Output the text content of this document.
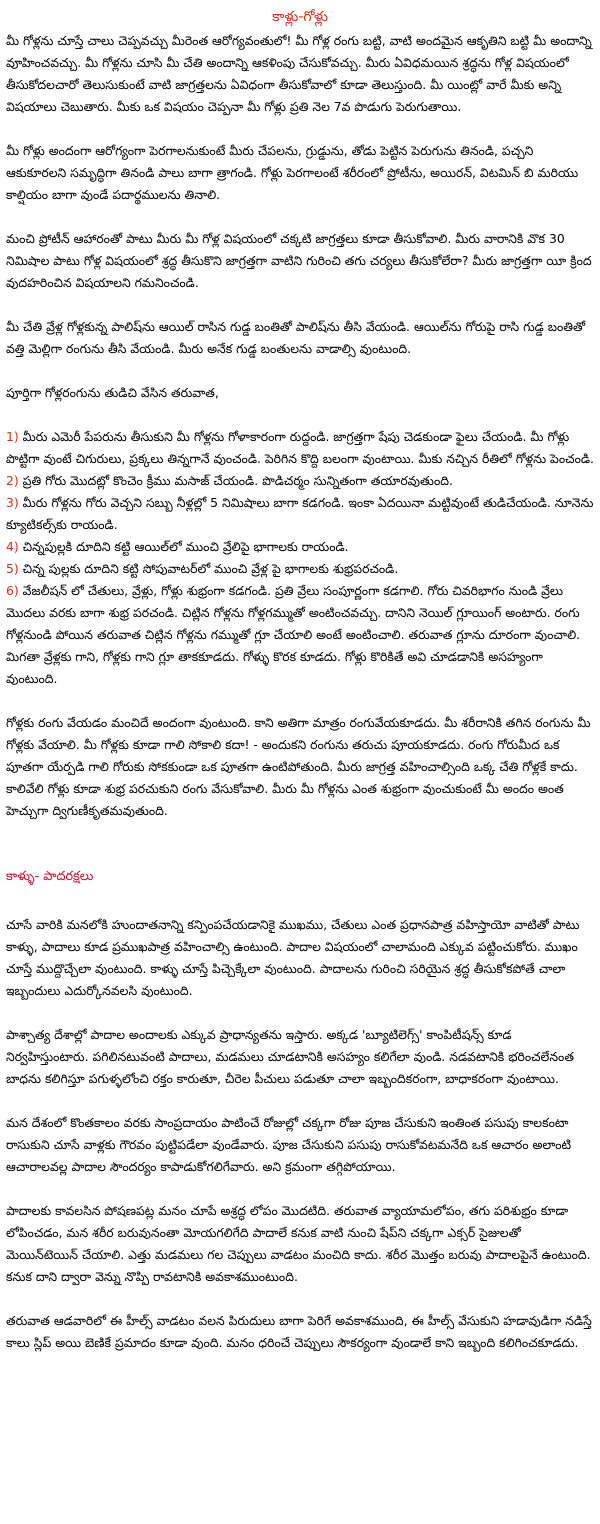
కాళ్లు-గోళ్లు

మీ గోళ్లను చూస్తే చాలు చెప్పవచ్చు మీరెంత ఆరోగ్యవంతులో! మీ గోళ్ల రంగు బట్టి, వాటి అందమైన ఆకృతిని బట్టి మీ అందాన్ని వూహించవచ్చు. మీ గోళ్లను చూసి మీ చేతి అందాన్ని ఆకళింపు చేసుకోవచ్చు. మీరు ఏవిధమయిన శ్రద్ధను గోళ్ల విషయంలో తీసుకోదలచారో తెలుసుకుంటే వాటి జాగ్రత్తలను ఏవిధంగా తీసుకోవాలో కూడా తెలుస్తుంది. మీ యింట్లో వారే మీకు అన్ని విషయాలు చెబుతారు. మీకు ఒక విషయం చెప్పనా మీ గోళ్లు ప్రతి నెల 7వ పొడుగు పెరుగుతాయి.

మీ గోళ్లు అందంగా ఆరోగ్యంగా పెరగాలనుకుంటే మీరు చేపలను, గ్రుడ్డును, తోడు పెట్టిన పెరుగును తినండి, పచ్చని ఆకుకూరలని సమృద్ధిగా తినండి పాలు బాగా త్రాగండి. గోళ్లు పెరగాలంటే శరీరంలో ప్రోటీను, అయిరన్, విటమిన్ బి మరియు కాల్షియం బాగా వుండే పదార్థములను తినాలి.

మంచి ప్రోటీన్ ఆహారంతో పాటు మీరు మీ గోళ్ల విషయంలో చక్కటి జాగ్రత్తలు కూడా తీసుకోవాలి. మీరు వారానికి వొక 30 నిమిషాల పాటు గోళ్ల విషయంలో శ్రద్ధ తీసుకొని జాగ్రత్తగా వాటిని గురించి తగు చర్యలు తీసుకోలేరా? మీరు జాగ్రత్తగా యీ క్రింద వుదహరించిన విషయాలని గమనించండి.

మీ చేతి వ్రేళ్ల గోళ్లకున్న పాలిష్‌ను ఆయిల్ రాసిన గుడ్డ బంతితో పాలిష్‌ను తీసి వేయండి. ఆయిల్‌ను గోరుపై రాసి గుడ్డ బంతితో వత్తి మెల్లిగా రంగును తీసి వేయండి. మీరు అనేక గుడ్డ బంతులను వాడాల్సి వుంటుంది.

పూర్తిగా గోళ్లరంగును తుడిచి వేసిన తరువాత,

1) మీరు ఎమెరీ పేపరును తీసుకుని మీ గోళ్లను గోళాకారంగా రుద్దండి. జాగ్రత్తగా షేపు చెడకుండా ఫైలు చేయండి. మీ గోళ్లు పొట్టిగా వుంటే చిగురులు, ప్రక్కలు తిన్నగానే వుంచండి. పెరిగిన కొద్ది బలంగా వుంటాయి. మీకు నచ్చిన రీతిలో గోళ్లను పెంచండి.
2) ప్రతి గోరు మొదట్లో కొంచెం క్రీము మసాజ్ చేయండి. పొడిచర్మం సున్నితంగా తయారవుతుంది.
3) మీరు గోళ్లను గోరు వెచ్చని సబ్బు నీళ్లల్లో 5 నిమిషాలు బాగా కడగండి. ఇంకా ఏదయినా మట్టివుంటే తుడిచేయండి. నూనెను క్యూటికల్స్‌కు రాయండి.
4) చిన్నపుల్లకి దూదిని కట్టి ఆయిల్‌లో ముంచి వ్రేలిపై భాగాలకు రాయండి.
5) చిన్న పుల్లకు దూదిని కట్టి సోపువాటర్‌లో ముంచి వ్రేళ్ల పై భాగాలకు శుభ్రపరచండి.
6) వేజలీషన్ లో చేతులు, వ్రేళ్లు, గోళ్లు శుభ్రంగా కడగండి. ప్రతి వ్రేలు సంపూర్ణంగా కడగాలి. గోరు చివరిభాగం నుండి వ్రేలు మొదలు వరకు బాగా శుభ్ర పరచండి. చిట్లిన గోళ్లను గోళ్లగమ్ముతో అంటించవచ్చు. దానిని నెయిల్ గ్లూయింగ్ అంటారు. రంగు గోళ్లనుండి పోయిన తరువాత చిట్లిన గోళ్లను గమ్ముతో గ్లూ చేయాలి అంటే అంటించాలి. తరువాత గ్లూను దూరంగా వుంచాలి. మిగతా వ్రేళ్లకు గాని, గోళ్లకు గాని గ్లూ తాకకూడదు. గోళ్ళు కొరక కూడదు. గోళ్లు కొరికితే అవి చూడడానికి అసహ్యంగా వుంటుంది.

గోళ్లకు రంగు వేయడం మంచిదే అందంగా వుంటుంది. కాని అతిగా మాత్రం రంగువేయకూడదు. మీ శరీరానికి తగిన రంగును మీ గోళ్లకు వేయాలి. మీ గోళ్లకు కూడా గాలి సోకాలి కదా! - అందుకని రంగును తరుచు పూయకూడదు. రంగు గోరుమీద ఒక పూతగా యేర్పడి గాలి గోరుకు సోకకుండా ఒక పూతగా ఉంటిపోతుంది. మీరు జాగ్రత్త వహించాల్సింది ఒక్క చేతి గోళ్లకే కాదు. కాలివేలి గోళ్లు కూడా శుభ్ర పరచుకుని రంగు వేసుకోవాలి. మీరు మీ గోళ్లను ఎంత శుభ్రంగా వుంచుకుంటే మీ అందం అంత హెచ్చుగా ద్విగుణీకృతమవుతుంది.

కాళ్ళు- పాదరక్షలు

చూసే వారికి మనలోకి హుందాతనాన్ని కన్పింపచేయడానికై ముఖము, చేతులు ఎంత ప్రధానపాత్ర వహిస్తాయో వాటితో పాటు కాళ్ళు, పాదాలు కూడ ప్రముఖపాత్ర వహించాల్సి ఉంటుంది. పాదాల విషయంలో చాలామంది ఎక్కువ పట్టించుకోరు. ముఖం చూస్తే ముద్దొచ్చేలా వుంటుంది. కాళ్ళు చూస్తే పిచ్చెక్కేలా వుంటుంది. పాదాలను గురించి సరియైన శ్రద్ధ తీసుకోకపోతే చాలా ఇబ్బందులు ఎదుర్కోనవలసి వుంటుంది.

పాశ్చాత్య దేశాల్లో పాదాల అందాలకు ఎక్కువ ప్రాధాన్యతను ఇస్తారు. అక్కడ 'బ్యూటిలెగ్స్' కాంపిటీషన్స్ కూడ నిర్వహిస్తుంటారు. పగిలినటువంటి పాదాలు, మడమలు చూడటానికి అసహ్యం కలిగేలా వుండి. నడవటానికి భరించలేనంత బాధను కలిగిస్తూ పగుళ్ళలోంచి రక్తం కారుతూ, చీరెల పీచులు పడుతూ చాలా ఇబ్బందికరంగా, బాధాకరంగా వుంటాయి.

మన దేశంలో కొంతకాలం వరకు సాంప్రదాయం పాటించే రోజుల్లో చక్కగా రోజు పూజ చేసుకుని ఇంతింత పసుపు కాలకంటా రాసుకుని చూసే వాళ్లకు గౌరవం పుట్టిపడేలా వుండేవారు. పూజ చేసుకుని పసుపు రాసుకోవటమనేది ఒక ఆచారం అలాంటి ఆచారాలవల్ల పాదాల సౌందర్యం కాపాడుకోగలిగేవారు. అని క్రమంగా తగ్గిపోయాయి.

పాదాలకు కావలసిన పోషణపట్ల మనం చూపే అశ్రద్ధ లోపం మొదటిది. తరువాత వ్యాయామలోపం, తగు పరిశుభ్రం కూడా లోపించడం, మన శరీర బరువునంతా మోయగలిగేది పాదాలే కనుక వాటి నుంచి షేప్‌ని చక్కగా ఎక్సర్ సైజులతో మెయిన్‌టెయిన్ చేయాలి. ఎత్తు మడమలు గల చెప్పులు వాడటం మంచిది కాదు. శరీర మొత్తం బరువు పాదాలపైనే ఉంటుంది. కనుక దాని ద్వారా వెన్ను నొప్పి రావటానికి అవకాశముంటుంది.

తరువాత ఆడవారిలో ఈ హీల్స్ వాడటం వలన పిరుదులు బాగా పెరిగే అవకాశముంది, ఈ హీల్స్ వేసుకుని హడావుడిగా నడిస్తే కాలు స్లిప్ అయి బెణికే ప్రమాదం కూడా వుంది. మనం ధరించే చెప్పులు సౌకర్యంగా వుండాలే కాని ఇబ్బంది కలిగించకూడదు.
